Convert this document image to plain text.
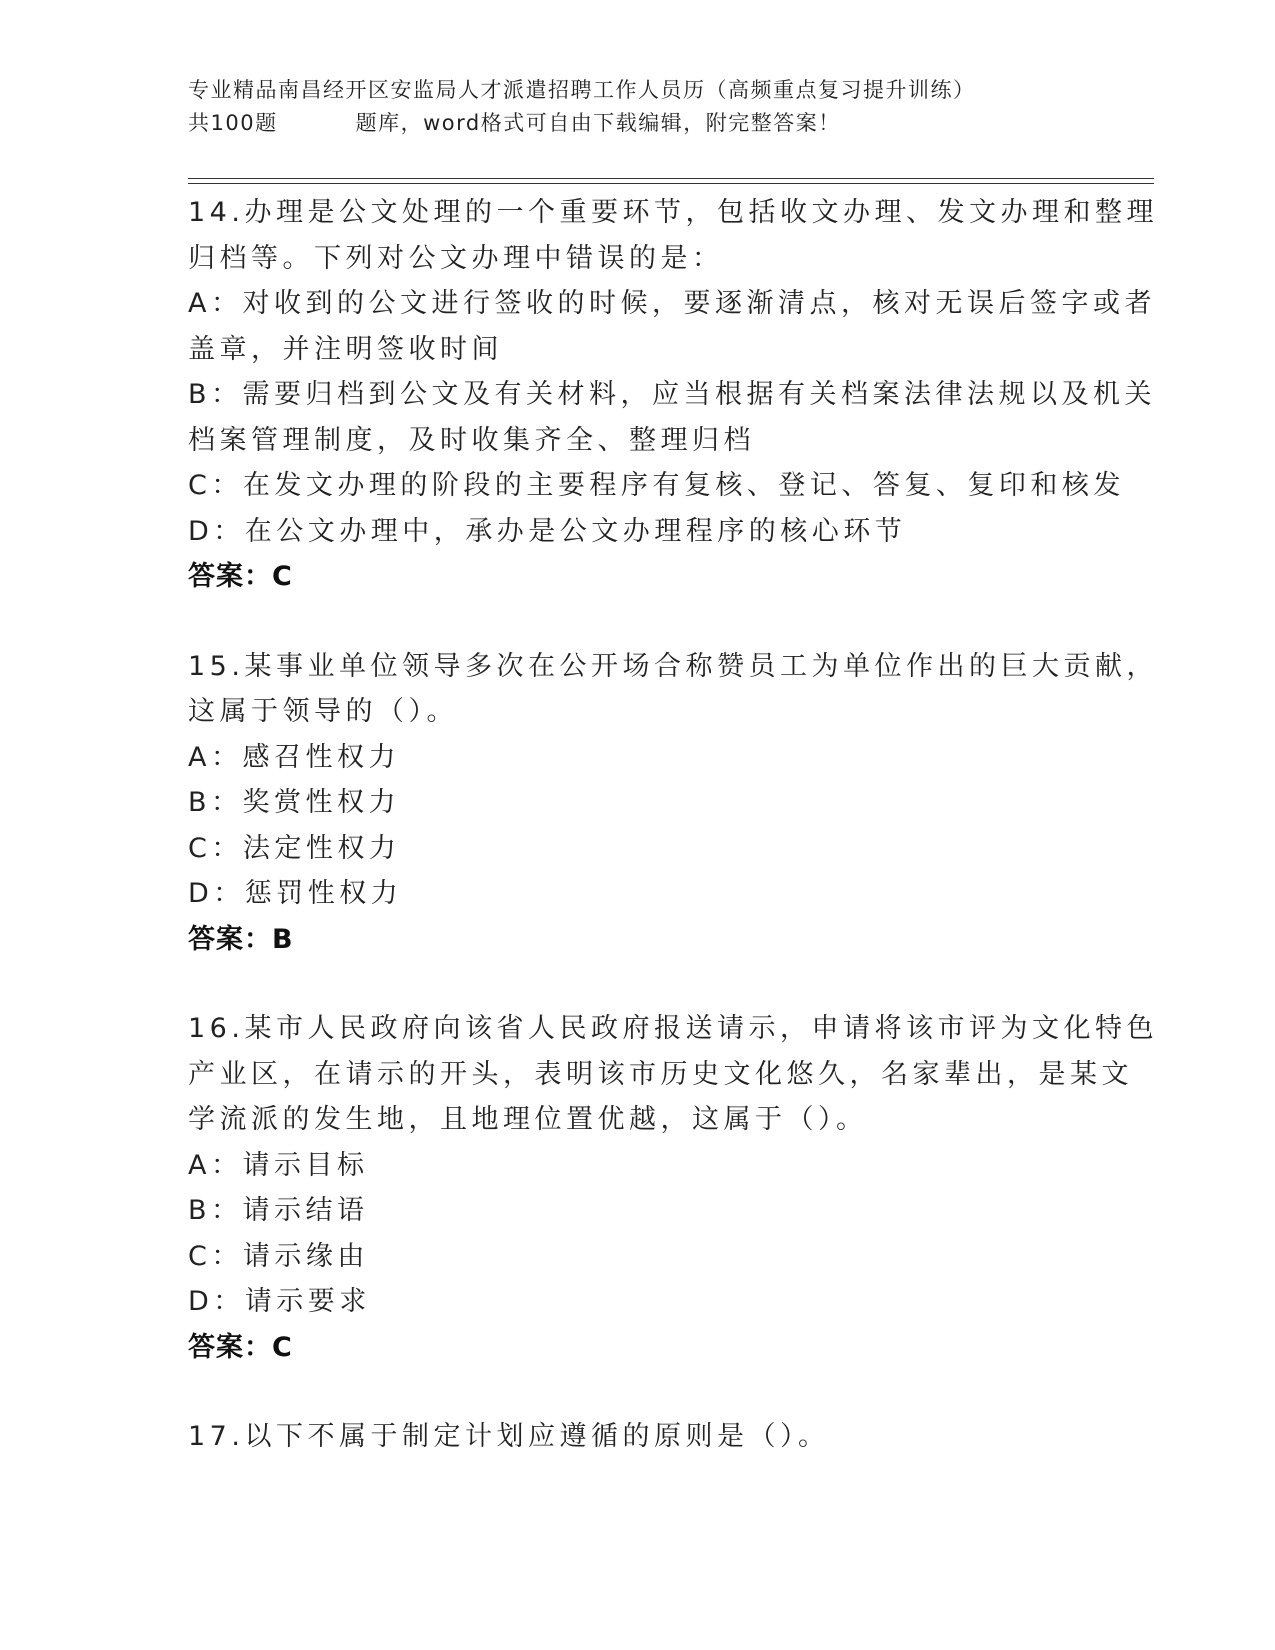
专业精品南昌经开区安监局人才派遣招聘工作人员历（高频重点复习提升训练）
共100题	题库，word格式可自由下载编辑，附完整答案！
14.办理是公文处理的一个重要环节，包括收文办理、发文办理和整理
归档等。下列对公文办理中错误的是：
A：对收到的公文进行签收的时候，要逐渐清点，核对无误后签字或者
盖章，并注明签收时间
B：需要归档到公文及有关材料，应当根据有关档案法律法规以及机关
档案管理制度，及时收集齐全、整理归档
C：在发文办理的阶段的主要程序有复核、登记、答复、复印和核发
D：在公文办理中，承办是公文办理程序的核心环节
答案：C
15.某事业单位领导多次在公开场合称赞员工为单位作出的巨大贡献，
这属于领导的（）。
A：感召性权力
B：奖赏性权力
C：法定性权力
D：惩罚性权力
答案：B
16.某市人民政府向该省人民政府报送请示，申请将该市评为文化特色
产业区，在请示的开头，表明该市历史文化悠久，名家辈出，是某文
学流派的发生地，且地理位置优越，这属于（）。
A：请示目标
B：请示结语
C：请示缘由
D：请示要求
答案：C
17.以下不属于制定计划应遵循的原则是（）。
